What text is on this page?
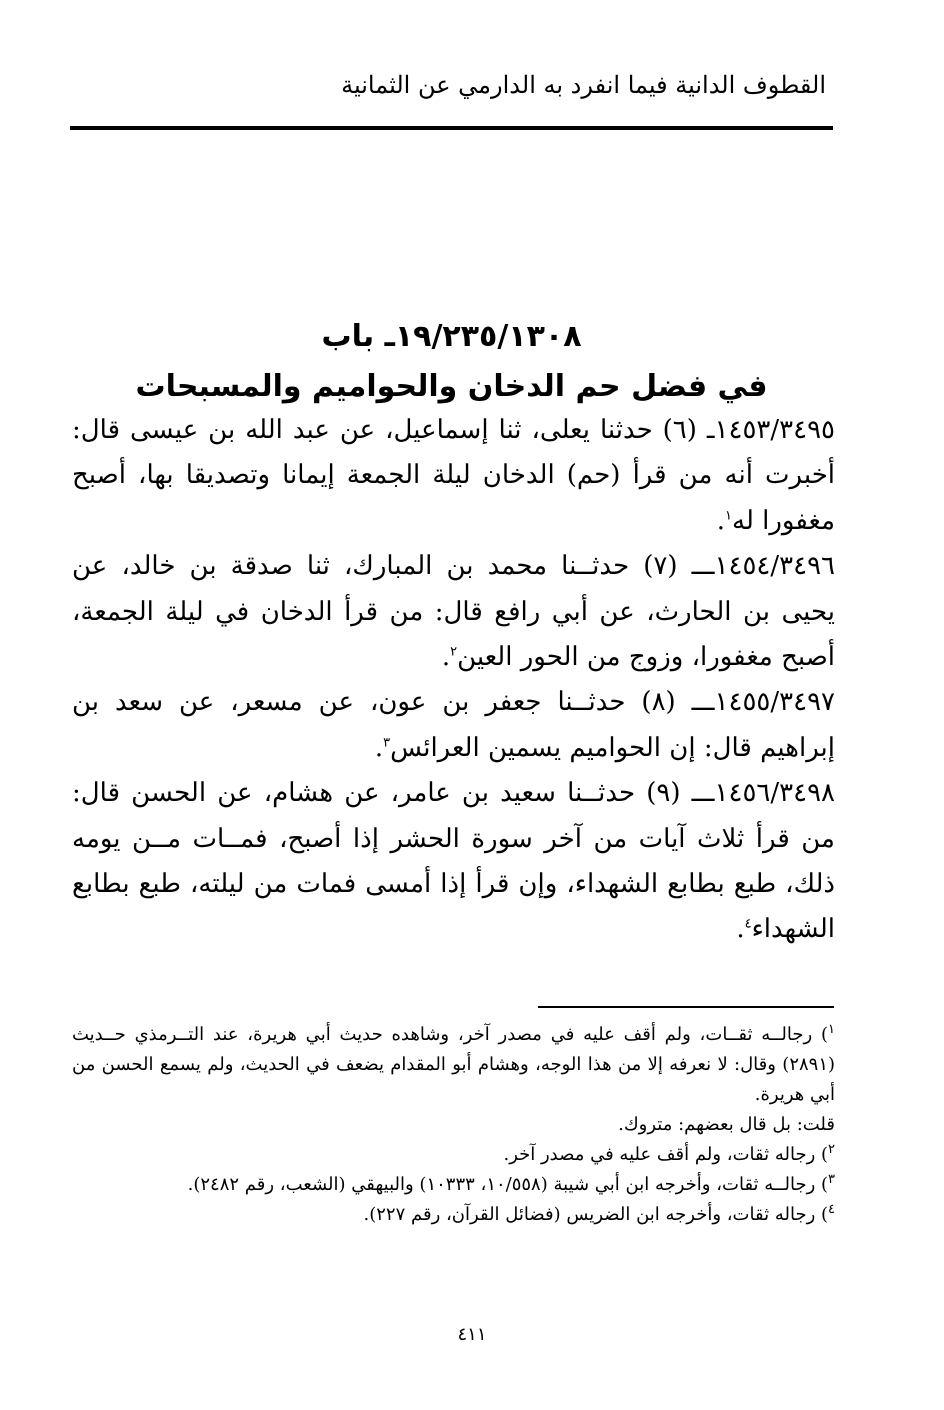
القطوف الدانية فيما انفرد به الدارمي عن الثمانية
١٩/٢٣٥/١٣٠٨ـ باب
في فضل حم الدخان والحواميم والمسبحات

١٤٥٣/٣٤٩٥ـ (٦) حدثنا يعلى، ثنا إسماعيل، عن عبد الله بن عيسى قال: أخبرت أنه من قرأ (حم) الدخان ليلة الجمعة إيمانا وتصديقا بها، أصبح مغفورا له$^١$.

١٤٥٤/٣٤٩٦ـــ (٧) حدثــنا محمد بن المبارك، ثنا صدقة بن خالد، عن يحيى بن الحارث، عن أبي رافع قال: من قرأ الدخان في ليلة الجمعة، أصبح مغفورا، وزوج من الحور العين$^٢$.

١٤٥٥/٣٤٩٧ـــ (٨) حدثــنا جعفر بن عون، عن مسعر، عن سعد بن إبراهيم قال: إن الحواميم يسمين العرائس$^٣$.

١٤٥٦/٣٤٩٨ـــ (٩) حدثــنا سعيد بن عامر، عن هشام، عن الحسن قال: من قرأ ثلاث آيات من آخر سورة الحشر إذا أصبح، فمــات مــن يومه ذلك، طبع بطابع الشهداء، وإن قرأ إذا أمسى فمات من ليلته، طبع بطابع الشهداء$^٤$.

$^١$) رجالــه ثقــات، ولم أقف عليه في مصدر آخر، وشاهده حديث أبي هريرة، عند التــرمذي حــديث (٢٨٩١) وقال: لا نعرفه إلا من هذا الوجه، وهشام أبو المقدام يضعف في الحديث، ولم يسمع الحسن من أبي هريرة.

قلت: بل قال بعضهم: متروك.

$^٢$) رجاله ثقات، ولم أقف عليه في مصدر آخر.

$^٣$) رجالــه ثقات، وأخرجه ابن أبي شيبة (١٠/٥٥٨، ١٠٣٣٣) والبيهقي (الشعب، رقم ٢٤٨٢).

$^٤$) رجاله ثقات، وأخرجه ابن الضريس (فضائل القرآن، رقم ٢٢٧).

٤١١
